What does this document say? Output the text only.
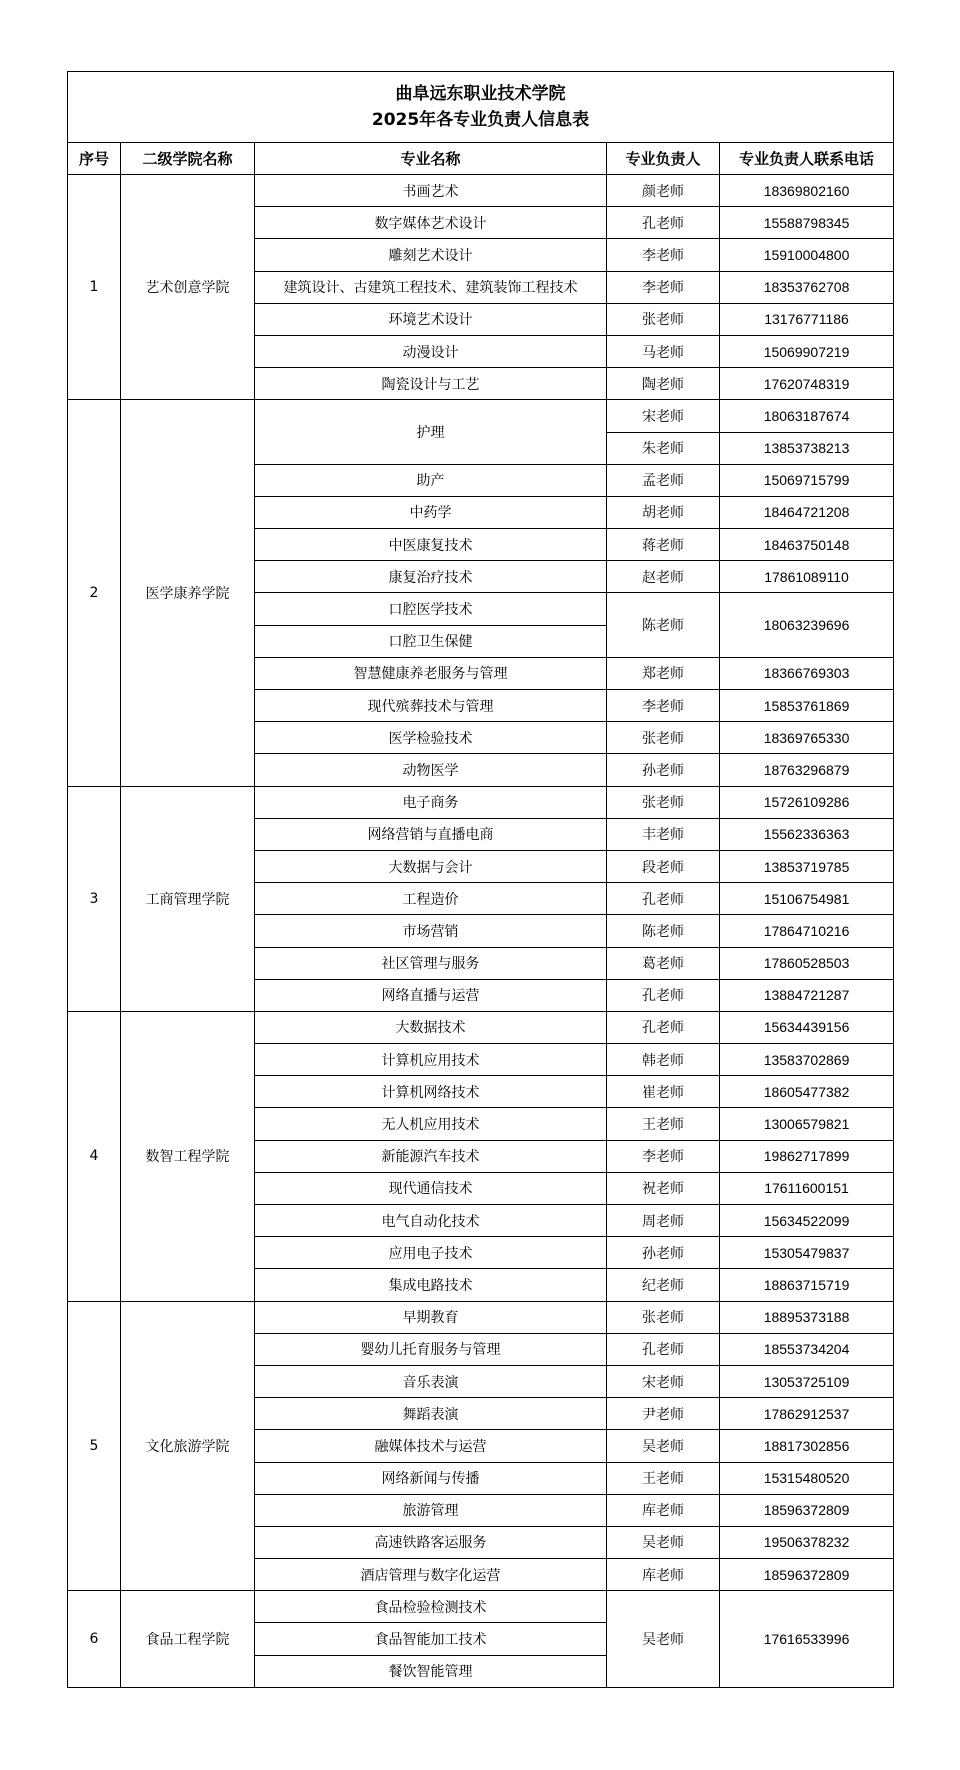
曲阜远东职业技术学院
2025年各专业负责人信息表				

序号	二级学院名称	专业名称	专业负责人	专业负责人联系电话
1	艺术创意学院	书画艺术	颜老师	18369802160
		数字媒体艺术设计	孔老师	15588798345
		雕刻艺术设计	李老师	15910004800
		建筑设计、古建筑工程技术、建筑装饰工程技术	李老师	18353762708
		环境艺术设计	张老师	13176771186
		动漫设计	马老师	15069907219
		陶瓷设计与工艺	陶老师	17620748319
2	医学康养学院	护理	宋老师	18063187674
			朱老师	13853738213
		助产	孟老师	15069715799
		中药学	胡老师	18464721208
		中医康复技术	蒋老师	18463750148
		康复治疗技术	赵老师	17861089110
		口腔医学技术	陈老师	18063239696
		口腔卫生保健		
		智慧健康养老服务与管理	郑老师	18366769303
		现代殡葬技术与管理	李老师	15853761869
		医学检验技术	张老师	18369765330
		动物医学	孙老师	18763296879
3	工商管理学院	电子商务	张老师	15726109286
		网络营销与直播电商	丰老师	15562336363
		大数据与会计	段老师	13853719785
		工程造价	孔老师	15106754981
		市场营销	陈老师	17864710216
		社区管理与服务	葛老师	17860528503
		网络直播与运营	孔老师	13884721287
4	数智工程学院	大数据技术	孔老师	15634439156
		计算机应用技术	韩老师	13583702869
		计算机网络技术	崔老师	18605477382
		无人机应用技术	王老师	13006579821
		新能源汽车技术	李老师	19862717899
		现代通信技术	祝老师	17611600151
		电气自动化技术	周老师	15634522099
		应用电子技术	孙老师	15305479837
		集成电路技术	纪老师	18863715719
5	文化旅游学院	早期教育	张老师	18895373188
		婴幼儿托育服务与管理	孔老师	18553734204
		音乐表演	宋老师	13053725109
		舞蹈表演	尹老师	17862912537
		融媒体技术与运营	吴老师	18817302856
		网络新闻与传播	王老师	15315480520
		旅游管理	库老师	18596372809
		高速铁路客运服务	吴老师	19506378232
		酒店管理与数字化运营	库老师	18596372809
6	食品工程学院	食品检验检测技术	吴老师	17616533996
		食品智能加工技术		
		餐饮智能管理		
